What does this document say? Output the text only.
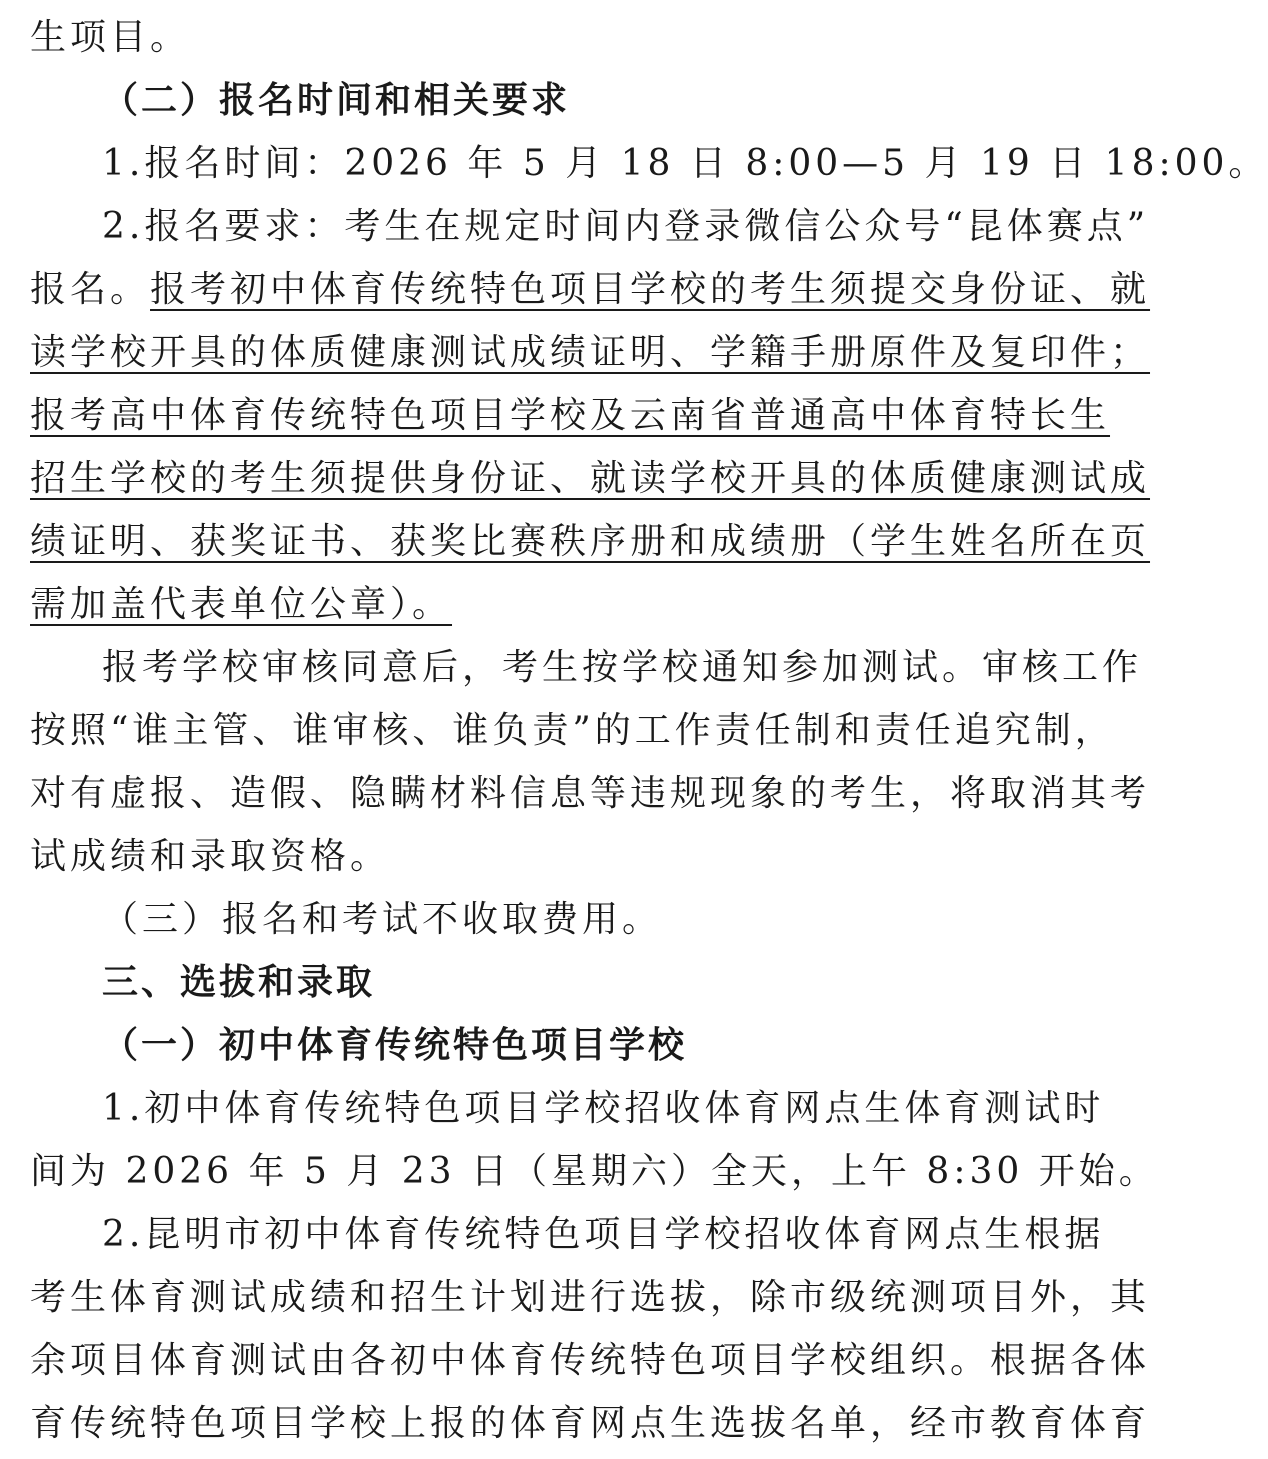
生项目。
（二）报名时间和相关要求
1.报名时间：2026 年 5 月 18 日 8:00—5 月 19 日 18:00。
2.报名要求：考生在规定时间内登录微信公众号“昆体赛点”
报名。报考初中体育传统特色项目学校的考生须提交身份证、就
读学校开具的体质健康测试成绩证明、学籍手册原件及复印件；
报考高中体育传统特色项目学校及云南省普通高中体育特长生
招生学校的考生须提供身份证、就读学校开具的体质健康测试成
绩证明、获奖证书、获奖比赛秩序册和成绩册（学生姓名所在页
需加盖代表单位公章）。
报考学校审核同意后，考生按学校通知参加测试。审核工作
按照“谁主管、谁审核、谁负责”的工作责任制和责任追究制，
对有虚报、造假、隐瞒材料信息等违规现象的考生，将取消其考
试成绩和录取资格。
（三）报名和考试不收取费用。
三、选拔和录取
（一）初中体育传统特色项目学校
1.初中体育传统特色项目学校招收体育网点生体育测试时
间为 2026 年 5 月 23 日（星期六）全天，上午 8:30 开始。
2.昆明市初中体育传统特色项目学校招收体育网点生根据
考生体育测试成绩和招生计划进行选拔，除市级统测项目外，其
余项目体育测试由各初中体育传统特色项目学校组织。根据各体
育传统特色项目学校上报的体育网点生选拔名单，经市教育体育
